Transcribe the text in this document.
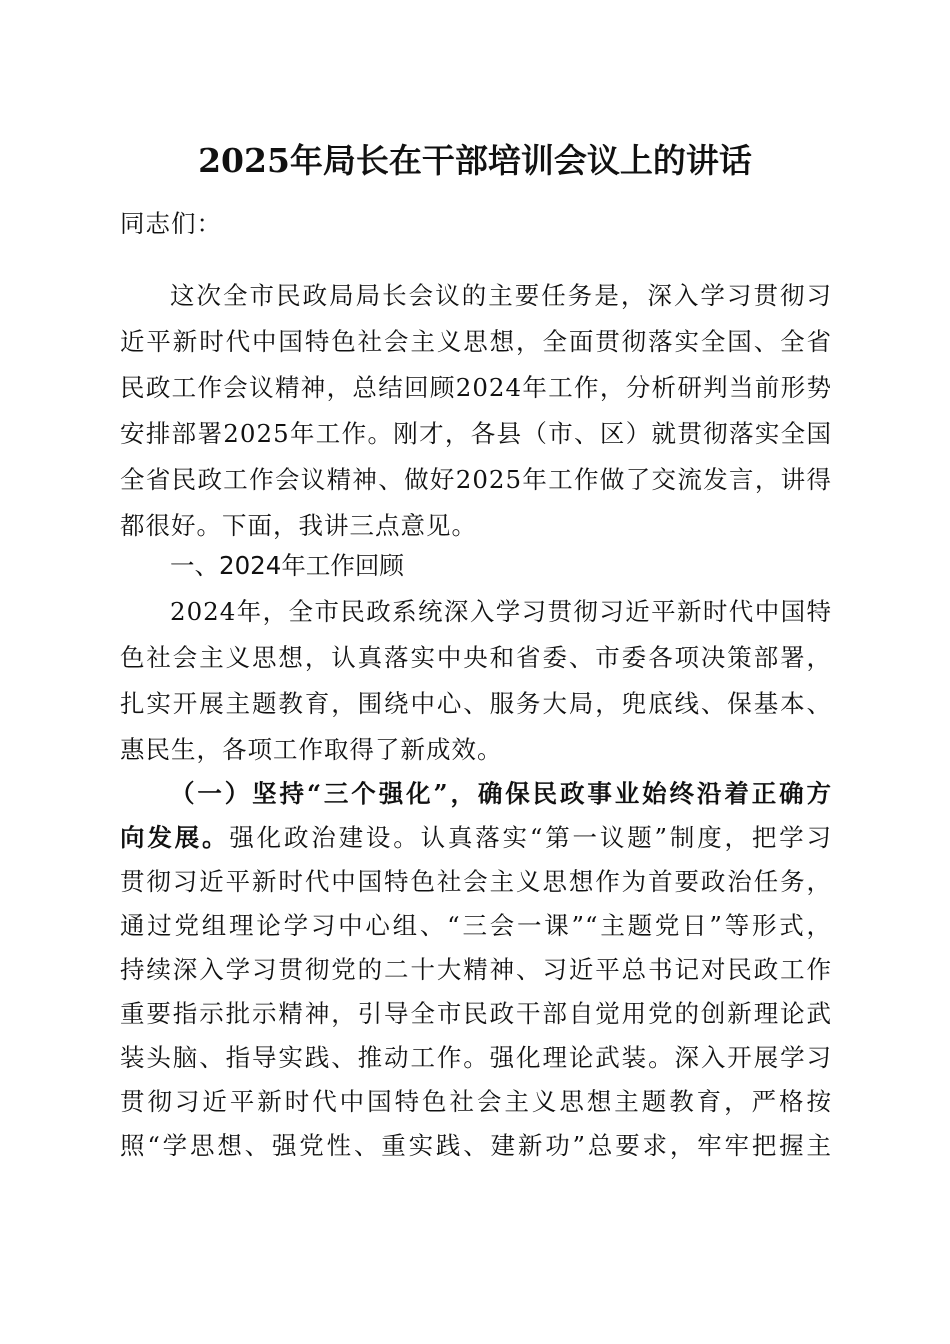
2025年局长在干部培训会议上的讲话
同志们：
这次全市民政局局长会议的主要任务是，深入学习贯彻习
近平新时代中国特色社会主义思想，全面贯彻落实全国、全省
民政工作会议精神，总结回顾2024年工作，分析研判当前形势
安排部署2025年工作。刚才，各县（市、区）就贯彻落实全国
全省民政工作会议精神、做好2025年工作做了交流发言，讲得
都很好。下面，我讲三点意见。
一、2024年工作回顾
2024年，全市民政系统深入学习贯彻习近平新时代中国特
色社会主义思想，认真落实中央和省委、市委各项决策部署，
扎实开展主题教育，围绕中心、服务大局，兜底线、保基本、
惠民生，各项工作取得了新成效。
（一）坚持“三个强化”，确保民政事业始终沿着正确方
向发展。强化政治建设。认真落实“第一议题”制度，把学习
贯彻习近平新时代中国特色社会主义思想作为首要政治任务，
通过党组理论学习中心组、“三会一课”“主题党日”等形式，
持续深入学习贯彻党的二十大精神、习近平总书记对民政工作
重要指示批示精神，引导全市民政干部自觉用党的创新理论武
装头脑、指导实践、推动工作。强化理论武装。深入开展学习
贯彻习近平新时代中国特色社会主义思想主题教育，严格按
照“学思想、强党性、重实践、建新功”总要求，牢牢把握主
